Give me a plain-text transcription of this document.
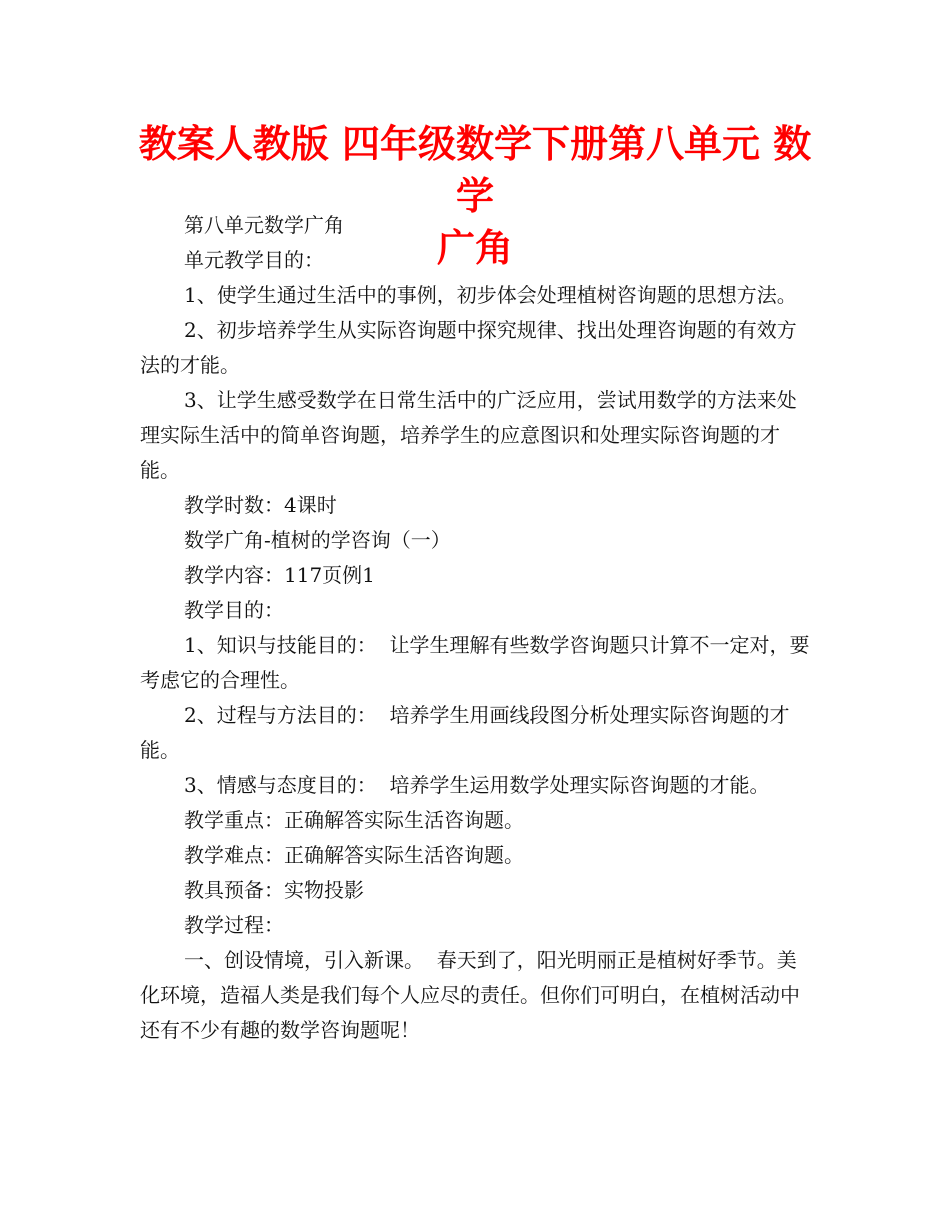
教案人教版 四年级数学下册第八单元 数学
广角

第八单元数学广角

单元教学目的：

1、使学生通过生活中的事例，初步体会处理植树咨询题的思想方法。

2、初步培养学生从实际咨询题中探究规律、找出处理咨询题的有效方法的才能。

3、让学生感受数学在日常生活中的广泛应用，尝试用数学的方法来处理实际生活中的简单咨询题，培养学生的应意图识和处理实际咨询题的才能。

教学时数：4课时

数学广角-植树的学咨询（一）

教学内容：117页例1

教学目的：

1、知识与技能目的：  让学生理解有些数学咨询题只计算不一定对，要考虑它的合理性。

2、过程与方法目的：  培养学生用画线段图分析处理实际咨询题的才能。

3、情感与态度目的：  培养学生运用数学处理实际咨询题的才能。

教学重点：正确解答实际生活咨询题。

教学难点：正确解答实际生活咨询题。

教具预备：实物投影

教学过程：

一、创设情境，引入新课。  春天到了，阳光明丽正是植树好季节。美化环境，造福人类是我们每个人应尽的责任。但你们可明白，在植树活动中还有不少有趣的数学咨询题呢！
